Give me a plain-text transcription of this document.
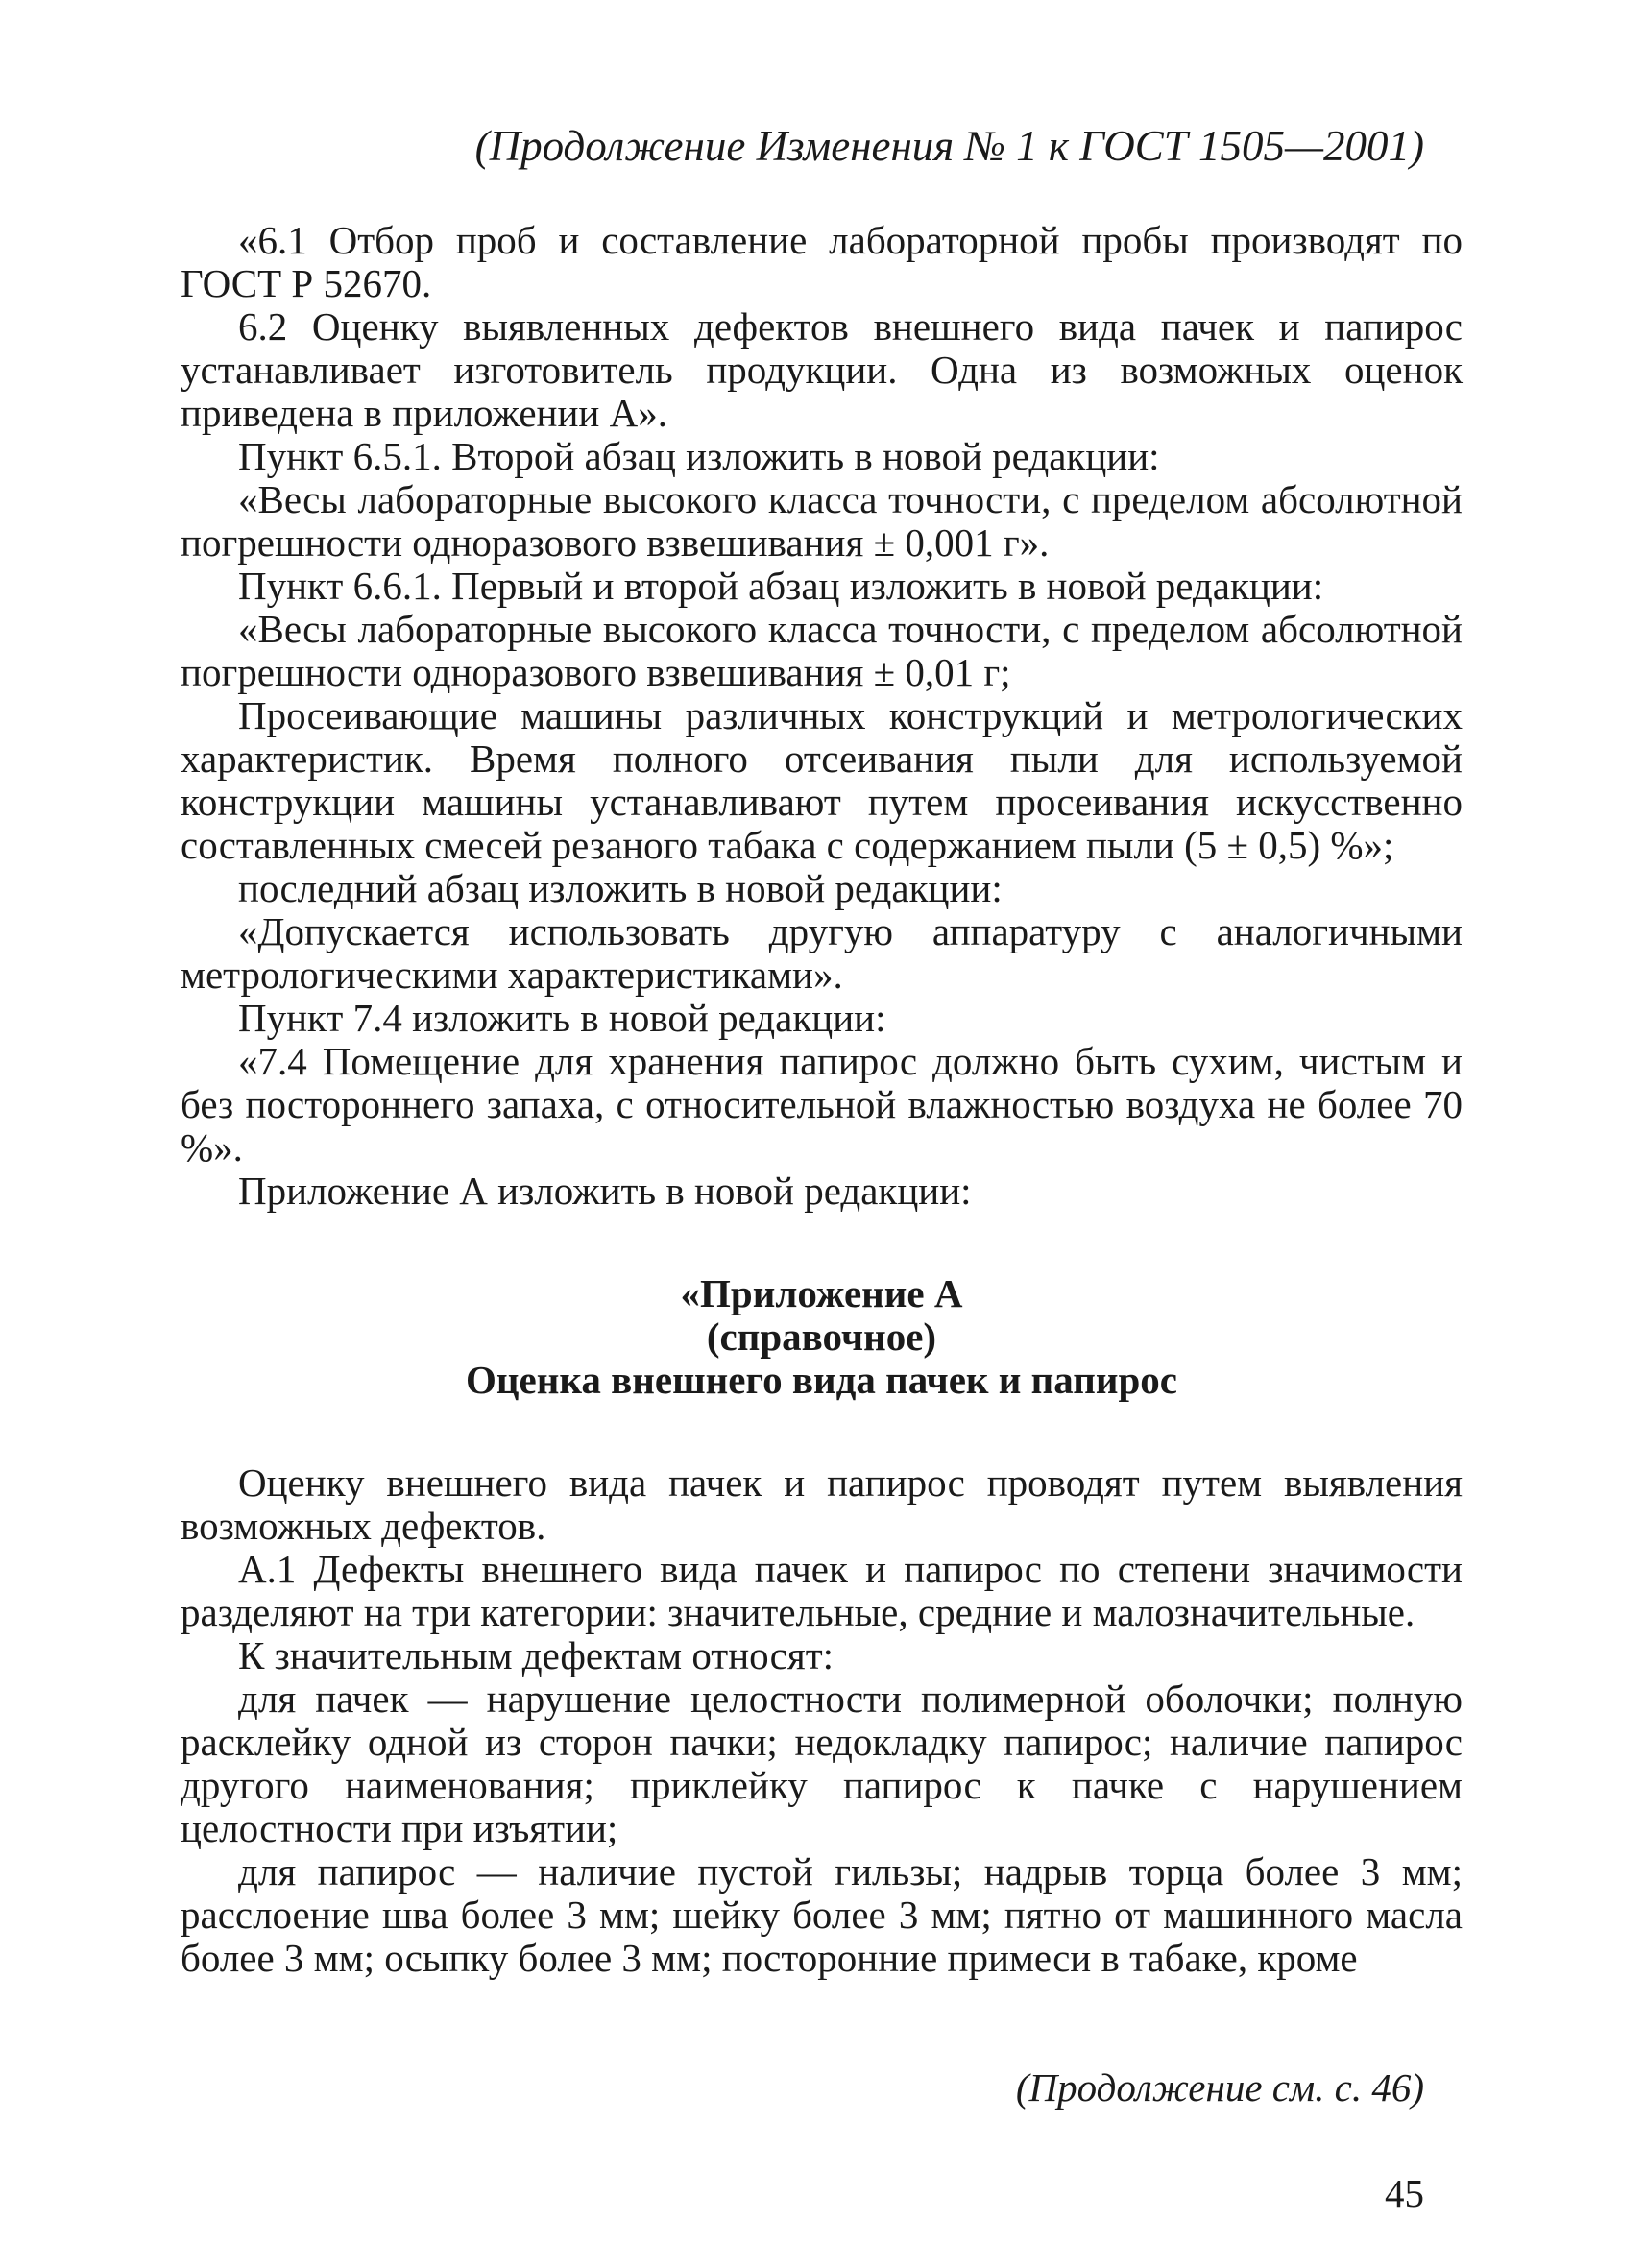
(Продолжение Изменения № 1 к ГОСТ 1505—2001)

«6.1 Отбор проб и составление лабораторной пробы производят по ГОСТ Р 52670.

6.2 Оценку выявленных дефектов внешнего вида пачек и папирос устанавливает изготовитель продукции. Одна из возможных оценок приведена в приложении А».

Пункт 6.5.1. Второй абзац изложить в новой редакции:

«Весы лабораторные высокого класса точности, с пределом абсолютной погрешности одноразового взвешивания ± 0,001 г».

Пункт 6.6.1. Первый и второй абзац изложить в новой редакции:

«Весы лабораторные высокого класса точности, с пределом абсолютной погрешности одноразового взвешивания ± 0,01 г;

Просеивающие машины различных конструкций и метрологических характеристик. Время полного отсеивания пыли для используемой конструкции машины устанавливают путем просеивания искусственно составленных смесей резаного табака с содержанием пыли (5 ± 0,5) %»;

последний абзац изложить в новой редакции:

«Допускается использовать другую аппаратуру с аналогичными метрологическими характеристиками».

Пункт 7.4 изложить в новой редакции:

«7.4 Помещение для хранения папирос должно быть сухим, чистым и без постороннего запаха, с относительной влажностью воздуха не более 70 %».

Приложение А изложить в новой редакции:

«Приложение А
(справочное)
Оценка внешнего вида пачек и папирос

Оценку внешнего вида пачек и папирос проводят путем выявления возможных дефектов.

А.1 Дефекты внешнего вида пачек и папирос по степени значимости разделяют на три категории: значительные, средние и малозначительные.

К значительным дефектам относят:

для пачек — нарушение целостности полимерной оболочки; полную расклейку одной из сторон пачки; недокладку папирос; наличие папирос другого наименования; приклейку папирос к пачке с нарушением целостности при изъятии;

для папирос — наличие пустой гильзы; надрыв торца более 3 мм; расслоение шва более 3 мм; шейку более 3 мм; пятно от машинного масла более 3 мм; осыпку более 3 мм; посторонние примеси в табаке, кроме

(Продолжение см. с. 46)
45
